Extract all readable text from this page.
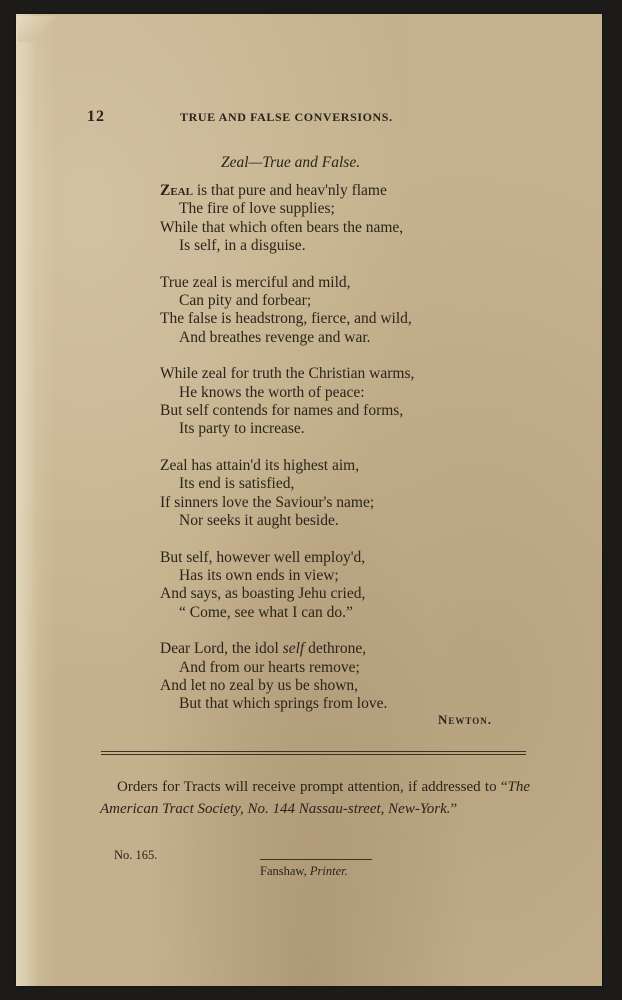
12	TRUE AND FALSE CONVERSIONS.
Zeal—True and False.
Zeal is that pure and heav'nly flame
The fire of love supplies;
While that which often bears the name,
Is self, in a disguise.
True zeal is merciful and mild,
Can pity and forbear;
The false is headstrong, fierce, and wild,
And breathes revenge and war.
While zeal for truth the Christian warms,
He knows the worth of peace:
But self contends for names and forms,
Its party to increase.
Zeal has attain'd its highest aim,
Its end is satisfied,
If sinners love the Saviour's name;
Nor seeks it aught beside.
But self, however well employ'd,
Has its own ends in view;
And says, as boasting Jehu cried,
“ Come, see what I can do.”
Dear Lord, the idol self dethrone,
And from our hearts remove;
And let no zeal by us be shown,
But that which springs from love.
Newton.
Orders for Tracts will receive prompt attention, if addressed to “The American Tract Society, No. 144 Nassau-street, New-York.”
No. 165.
Fanshaw, Printer.
